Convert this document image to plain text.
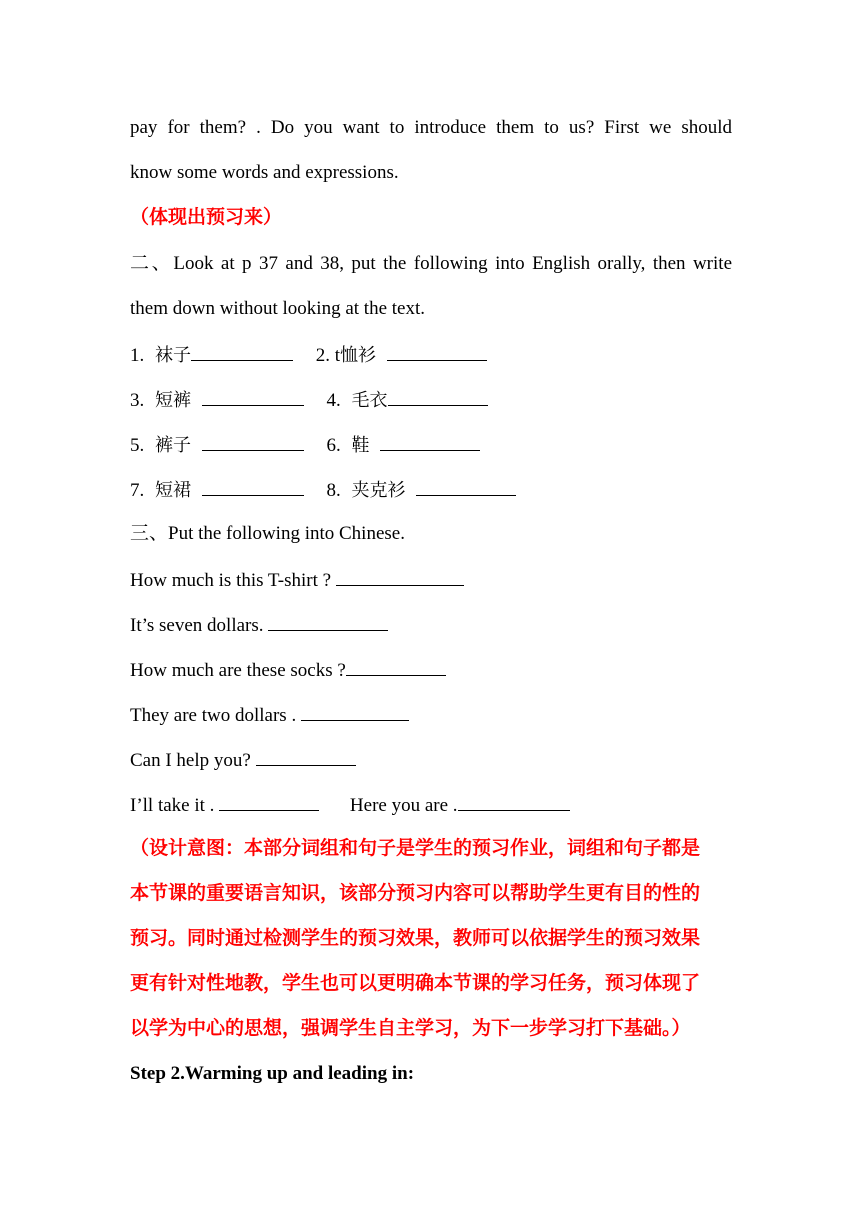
pay for them? . Do you want to introduce them to us? First we should
know some words and expressions.
（体现出预习来）
二、Look at p 37 and 38, put the following into English orally, then write
them down without looking at the text.
1. 袜子	2. t恤衫
3. 短裤	4. 毛衣
5. 裤子	6. 鞋
7. 短裙	8. 夹克衫
三、Put the following into Chinese.
How much is this T-shirt ?
It’s seven dollars.
How much are these socks ?
They are two dollars .
Can I help you?
I’ll take it .	Here you are .
（设计意图：本部分词组和句子是学生的预习作业，词组和句子都是
本节课的重要语言知识，该部分预习内容可以帮助学生更有目的性的
预习。同时通过检测学生的预习效果，教师可以依据学生的预习效果
更有针对性地教，学生也可以更明确本节课的学习任务，预习体现了
以学为中心的思想，强调学生自主学习，为下一步学习打下基础。）
Step 2.Warming up and leading in:
